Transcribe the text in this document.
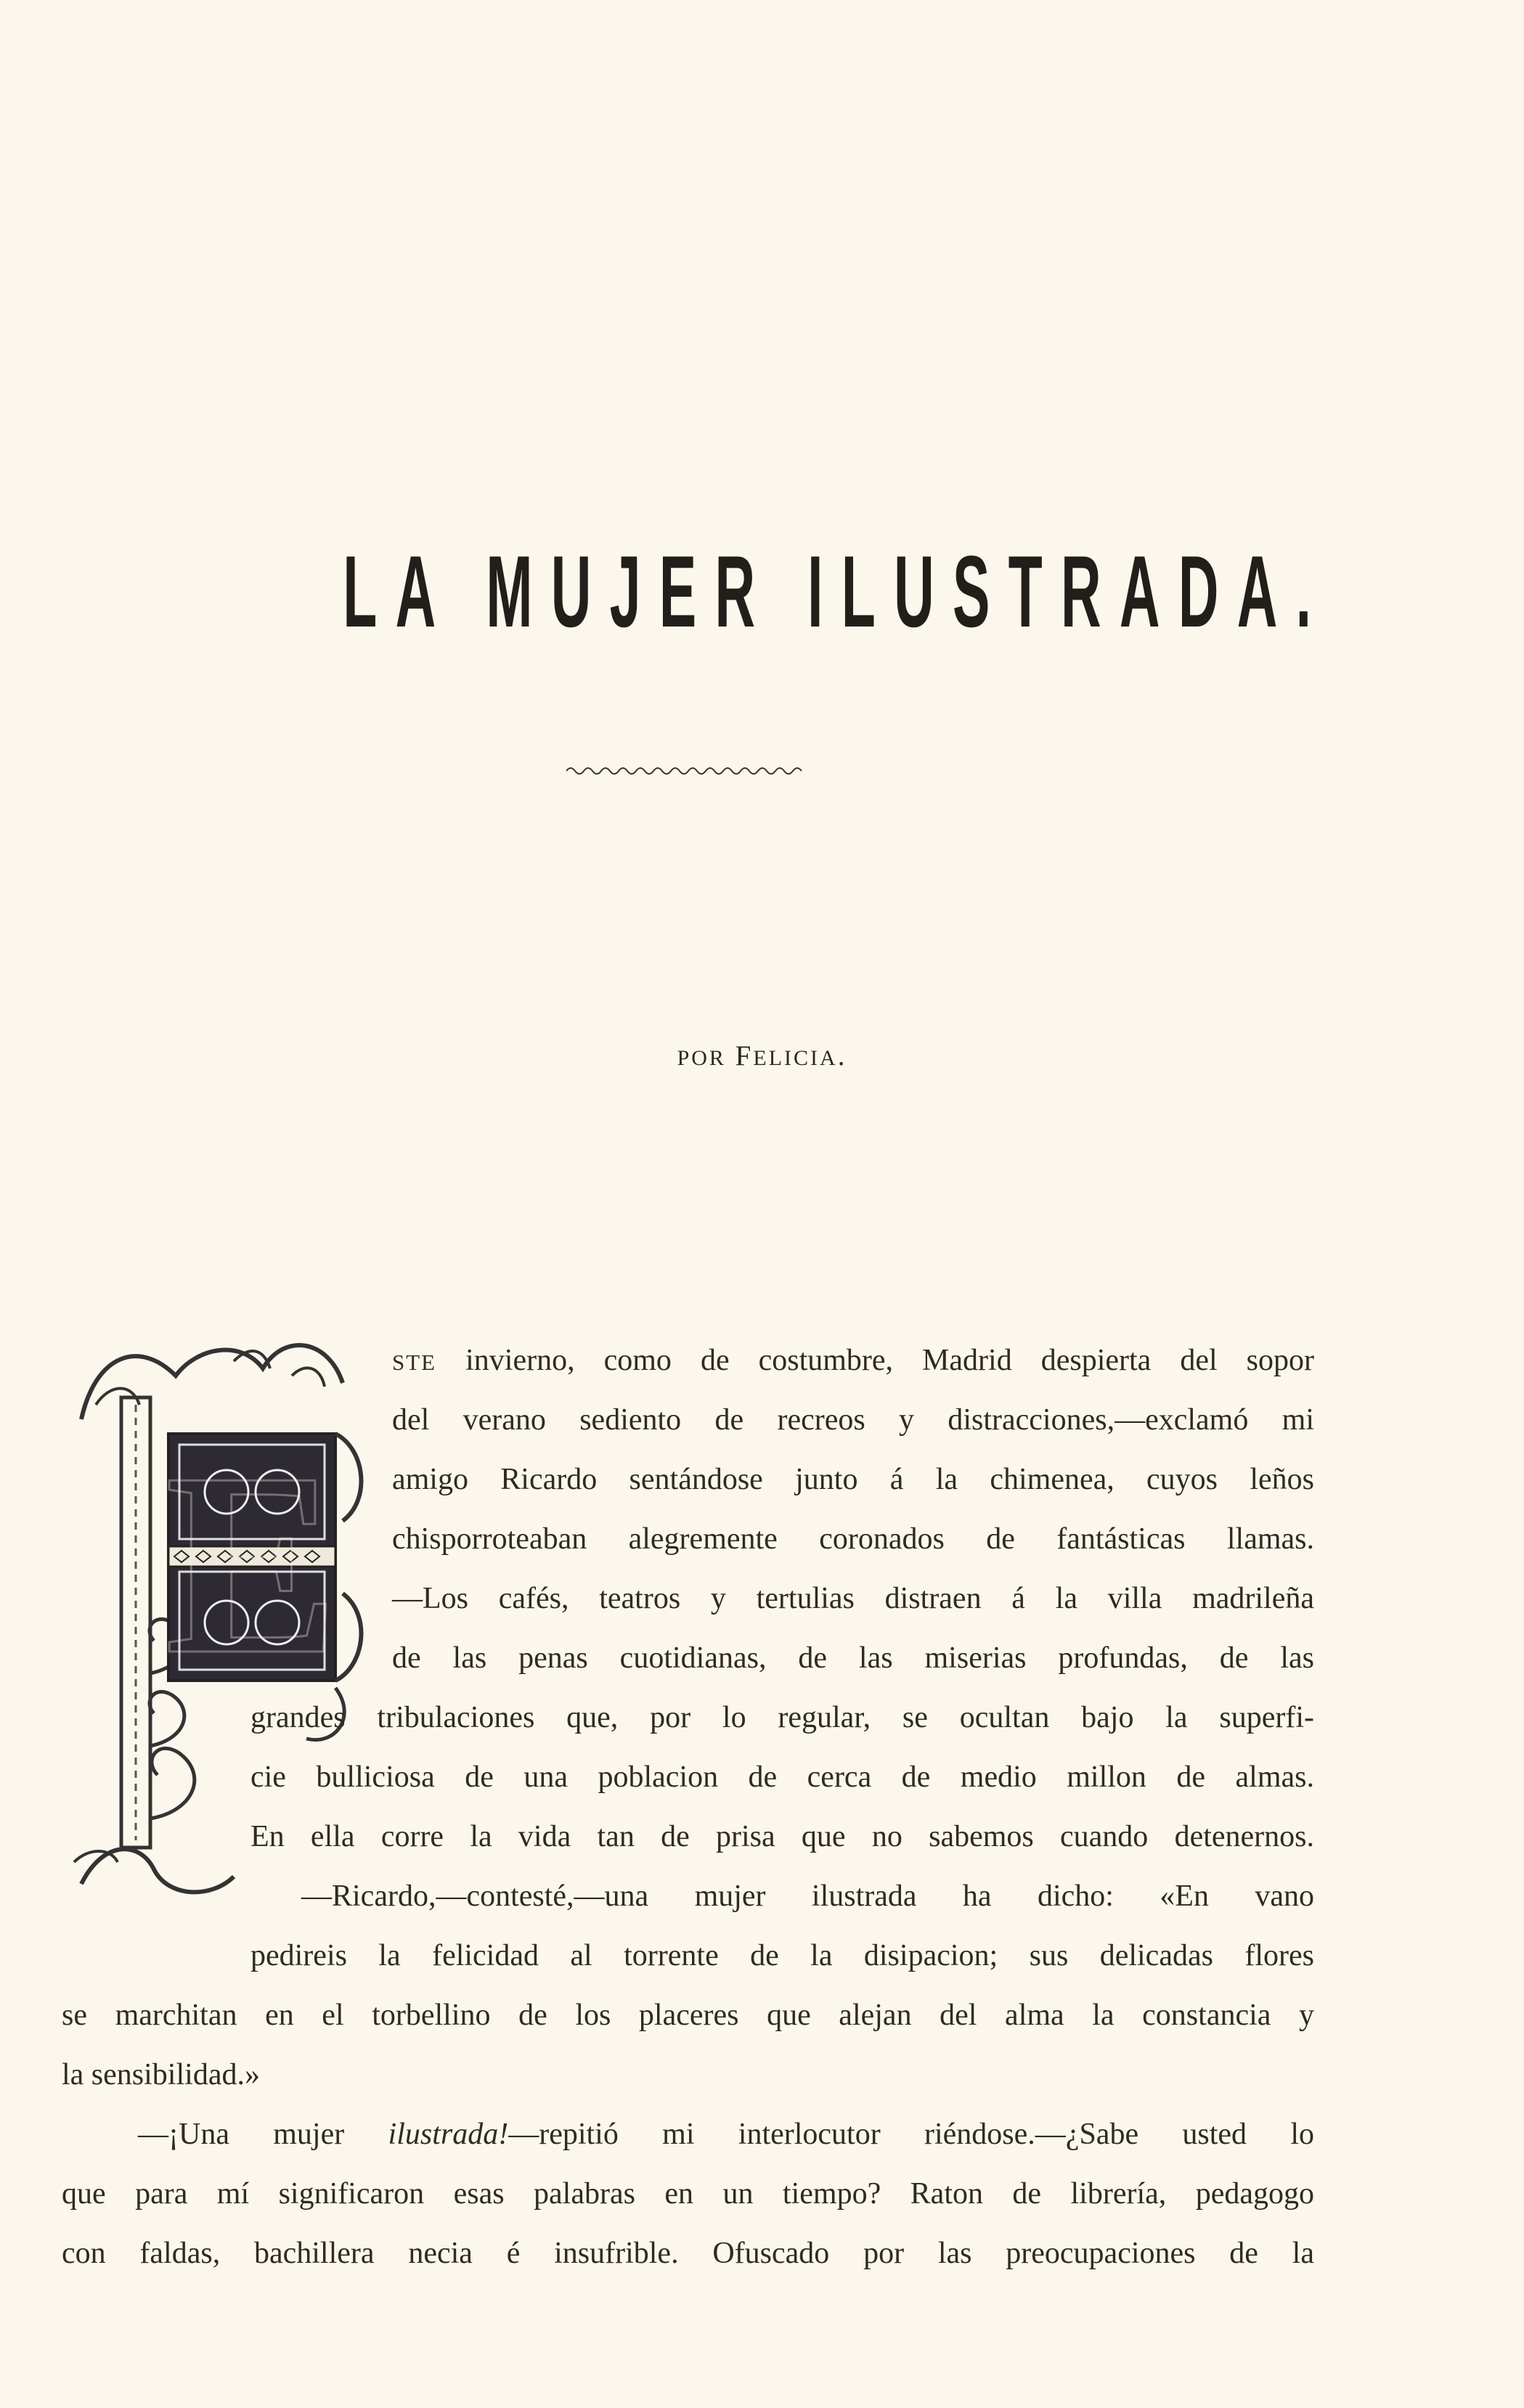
LA MUJER ILUSTRADA.
POR FELICIA.
E
STE invierno, como de costumbre, Madrid despierta del sopor
del verano sediento de recreos y distracciones,—exclamó mi
amigo Ricardo sentándose junto á la chimenea, cuyos leños
chisporroteaban alegremente coronados de fantásticas llamas.
—Los cafés, teatros y tertulias distraen á la villa madrileña
de las penas cuotidianas, de las miserias profundas, de las
grandes tribulaciones que, por lo regular, se ocultan bajo la superfi-
cie bulliciosa de una poblacion de cerca de medio millon de almas.
En ella corre la vida tan de prisa que no sabemos cuando detenernos.
—Ricardo,—contesté,—una mujer ilustrada ha dicho: «En vano
pedireis la felicidad al torrente de la disipacion; sus delicadas flores
se marchitan en el torbellino de los placeres que alejan del alma la constancia y
la sensibilidad.»
—¡Una mujer ilustrada!—repitió mi interlocutor riéndose.—¿Sabe usted lo
que para mí significaron esas palabras en un tiempo? Raton de librería, pedagogo
con faldas, bachillera necia é insufrible. Ofuscado por las preocupaciones de la
